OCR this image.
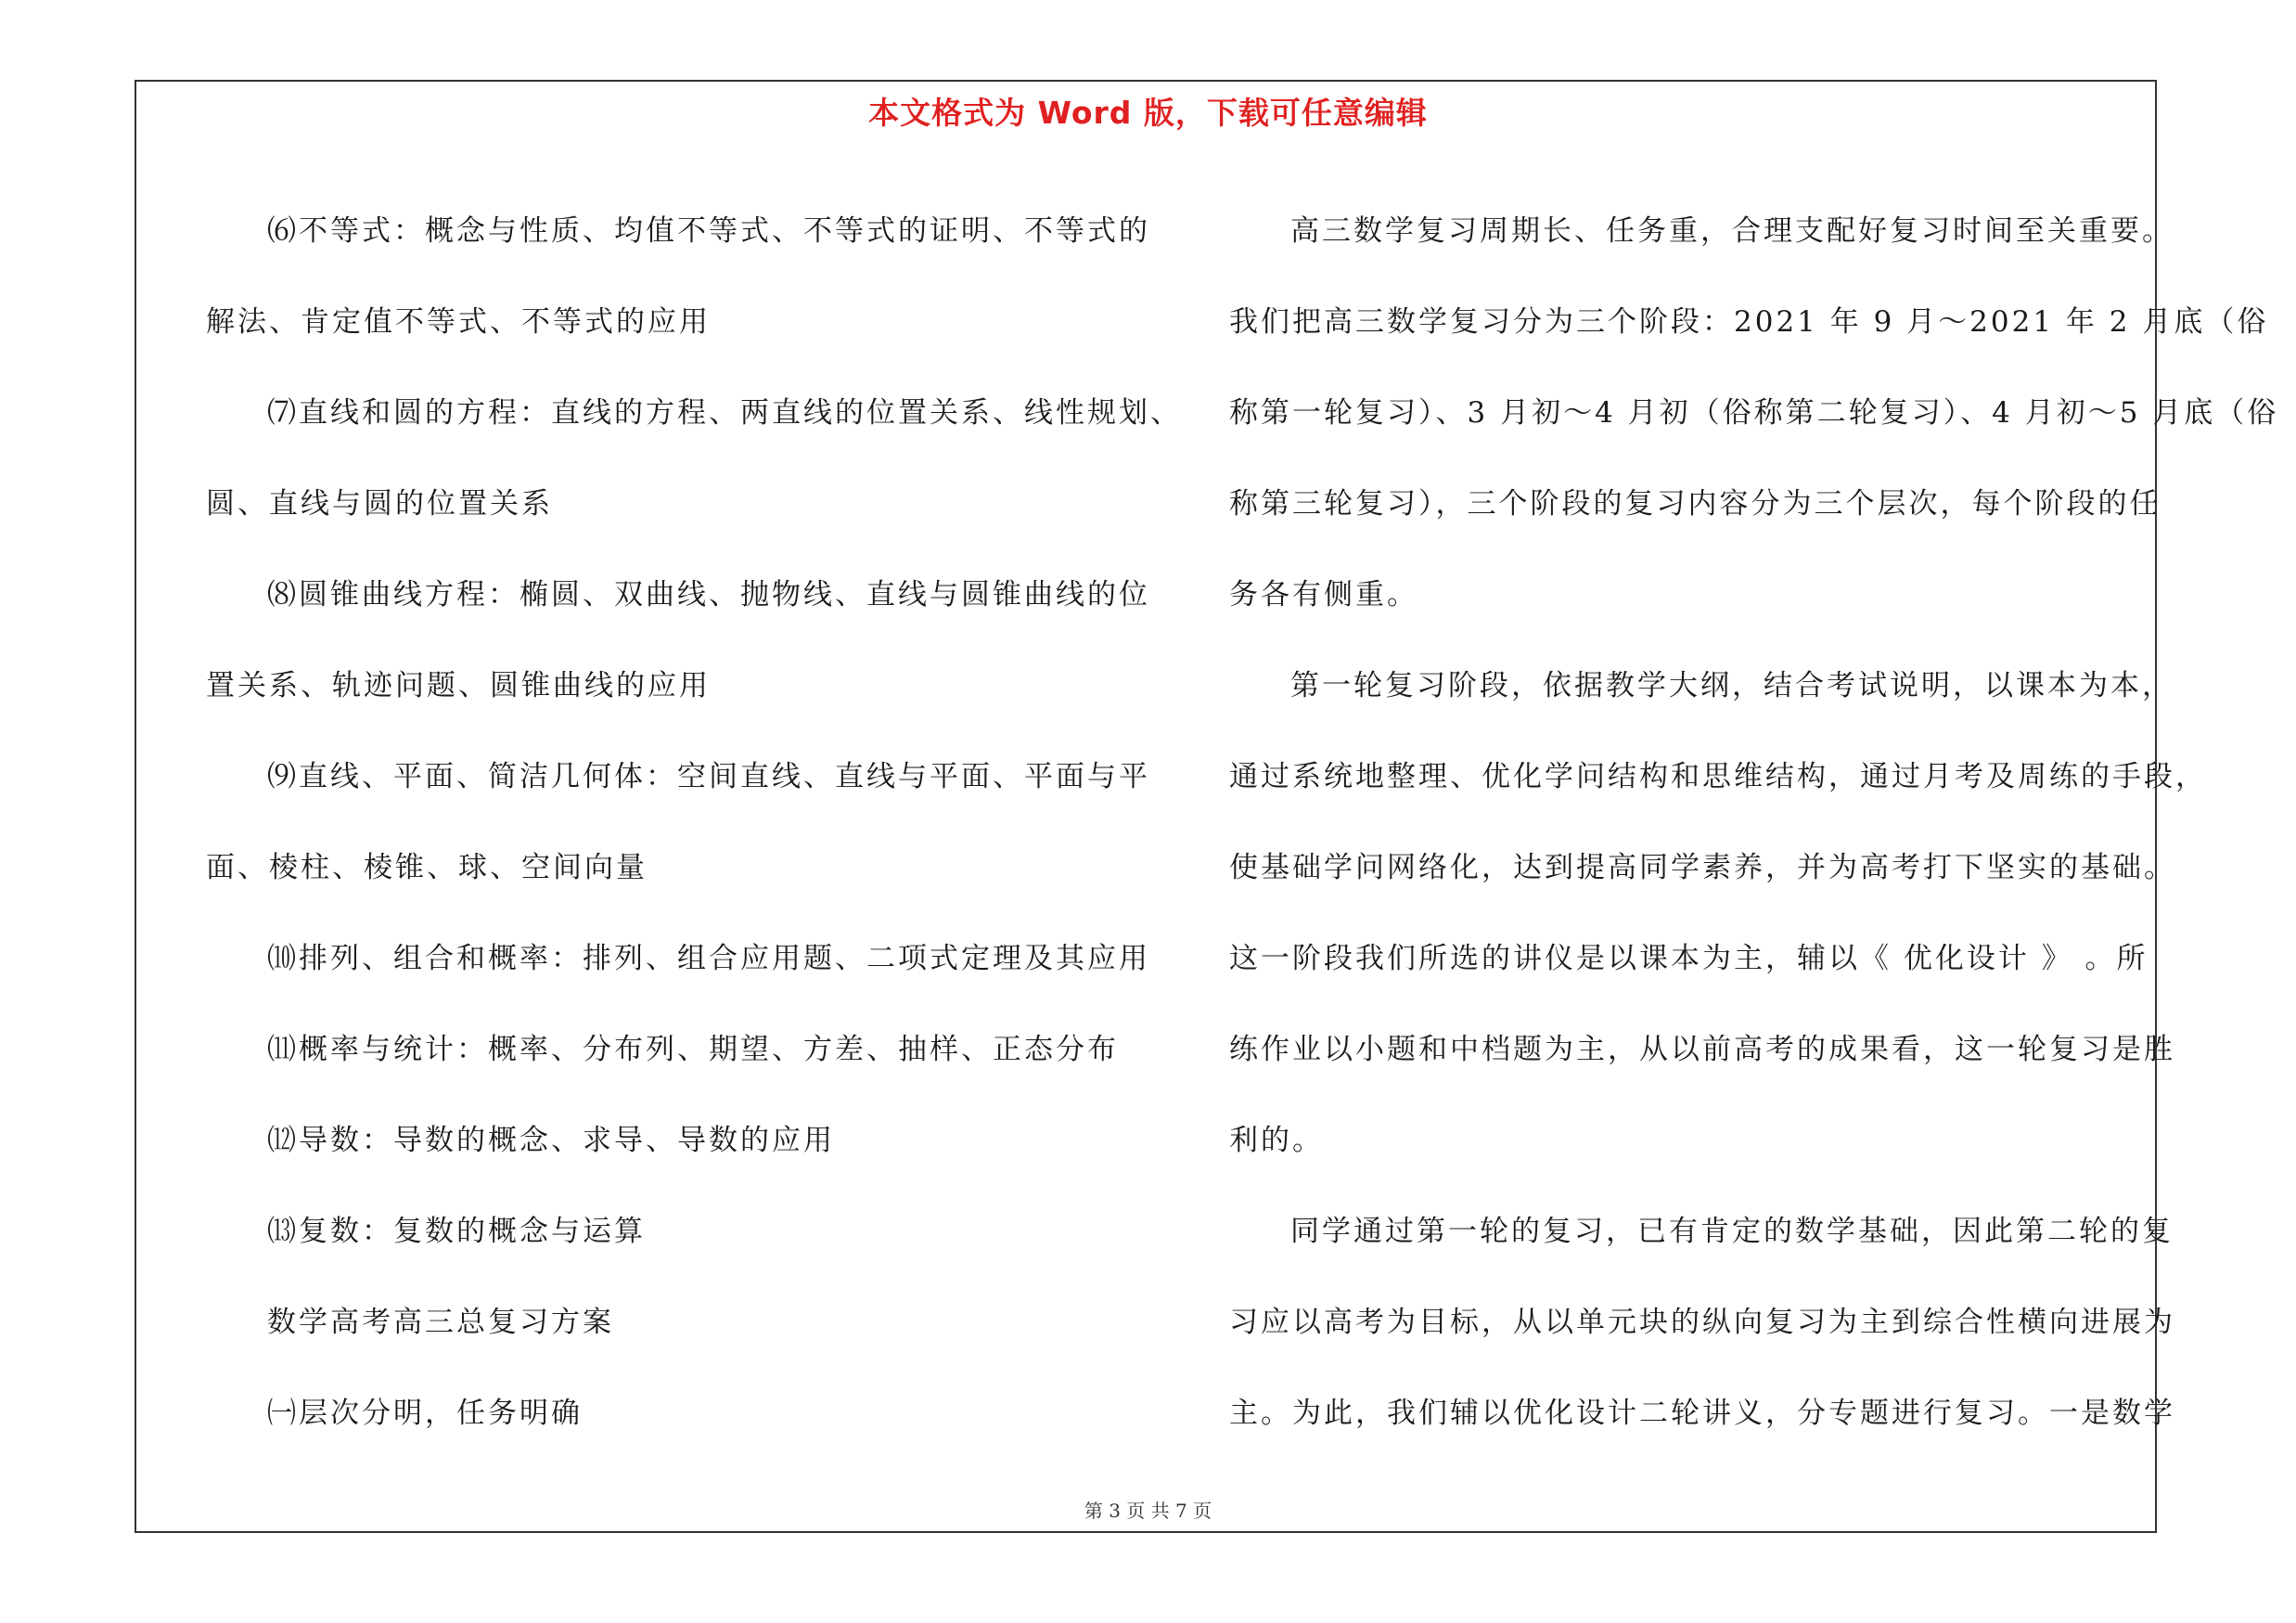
本文格式为 Word 版，下载可任意编辑
⑹不等式：概念与性质、均值不等式、不等式的证明、不等式的
解法、肯定值不等式、不等式的应用
⑺直线和圆的方程：直线的方程、两直线的位置关系、线性规划、
圆、直线与圆的位置关系
⑻圆锥曲线方程：椭圆、双曲线、抛物线、直线与圆锥曲线的位
置关系、轨迹问题、圆锥曲线的应用
⑼直线、平面、简洁几何体：空间直线、直线与平面、平面与平
面、棱柱、棱锥、球、空间向量
⑽排列、组合和概率：排列、组合应用题、二项式定理及其应用
⑾概率与统计：概率、分布列、期望、方差、抽样、正态分布
⑿导数：导数的概念、求导、导数的应用
⒀复数：复数的概念与运算
数学高考高三总复习方案
㈠层次分明，任务明确
高三数学复习周期长、任务重，合理支配好复习时间至关重要。
我们把高三数学复习分为三个阶段：2021 年 9 月～2021 年 2 月底（俗
称第一轮复习）、3 月初～4 月初（俗称第二轮复习）、4 月初～5 月底（俗
称第三轮复习），三个阶段的复习内容分为三个层次，每个阶段的任
务各有侧重。
第一轮复习阶段，依据教学大纲，结合考试说明，以课本为本，
通过系统地整理、优化学问结构和思维结构，通过月考及周练的手段，
使基础学问网络化，达到提高同学素养，并为高考打下坚实的基础。
这一阶段我们所选的讲仪是以课本为主，辅以《 优化设计 》 。所
练作业以小题和中档题为主，从以前高考的成果看，这一轮复习是胜
利的。
同学通过第一轮的复习，已有肯定的数学基础，因此第二轮的复
习应以高考为目标，从以单元块的纵向复习为主到综合性横向进展为
主。为此，我们辅以优化设计二轮讲义，分专题进行复习。一是数学
第 3 页 共 7 页
